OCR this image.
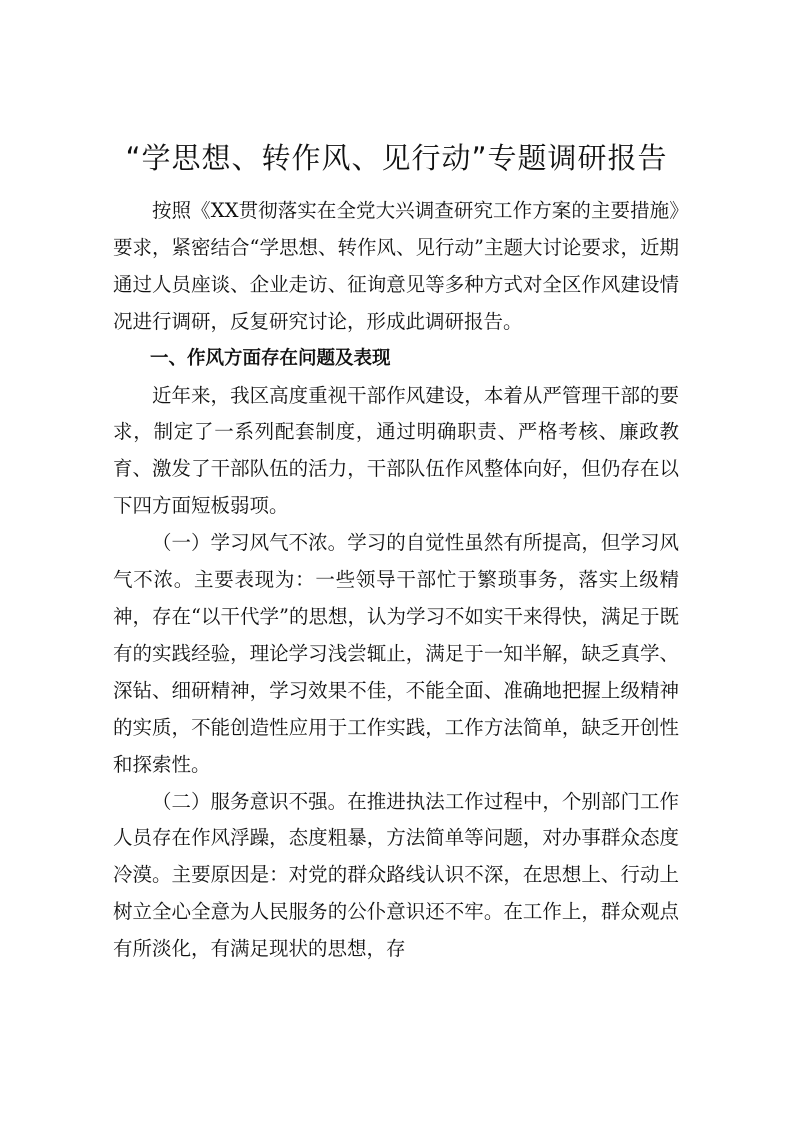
“学思想、转作风、见行动”专题调研报告

按照《XX贯彻落实在全党大兴调查研究工作方案的主要措施》要求，紧密结合“学思想、转作风、见行动”主题大讨论要求，近期通过人员座谈、企业走访、征询意见等多种方式对全区作风建设情况进行调研，反复研究讨论，形成此调研报告。

一、作风方面存在问题及表现

近年来，我区高度重视干部作风建设，本着从严管理干部的要求，制定了一系列配套制度，通过明确职责、严格考核、廉政教育、激发了干部队伍的活力，干部队伍作风整体向好，但仍存在以下四方面短板弱项。

（一）学习风气不浓。学习的自觉性虽然有所提高，但学习风气不浓。主要表现为：一些领导干部忙于繁琐事务，落实上级精神，存在“以干代学”的思想，认为学习不如实干来得快，满足于既有的实践经验，理论学习浅尝辄止，满足于一知半解，缺乏真学、深钻、细研精神，学习效果不佳，不能全面、准确地把握上级精神的实质，不能创造性应用于工作实践，工作方法简单，缺乏开创性和探索性。

（二）服务意识不强。在推进执法工作过程中，个别部门工作人员存在作风浮躁，态度粗暴，方法简单等问题，对办事群众态度冷漠。主要原因是：对党的群众路线认识不深，在思想上、行动上树立全心全意为人民服务的公仆意识还不牢。在工作上，群众观点有所淡化，有满足现状的思想，存
